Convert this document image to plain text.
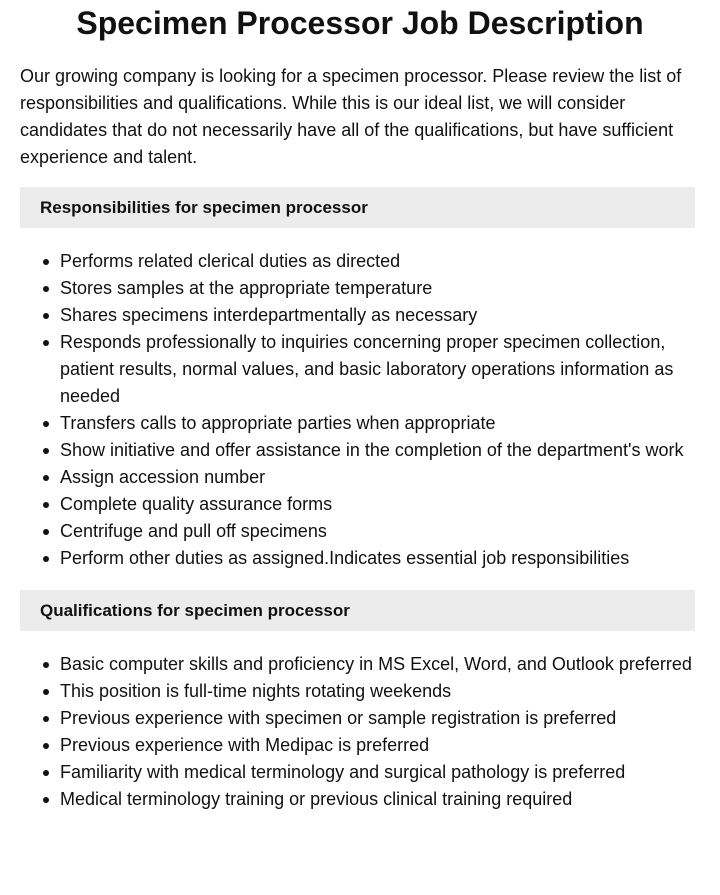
Specimen Processor Job Description

Our growing company is looking for a specimen processor. Please review the list of responsibilities and qualifications. While this is our ideal list, we will consider candidates that do not necessarily have all of the qualifications, but have sufficient experience and talent.

Responsibilities for specimen processor
Performs related clerical duties as directed
Stores samples at the appropriate temperature
Shares specimens interdepartmentally as necessary
Responds professionally to inquiries concerning proper specimen collection, patient results, normal values, and basic laboratory operations information as needed
Transfers calls to appropriate parties when appropriate
Show initiative and offer assistance in the completion of the department's work
Assign accession number
Complete quality assurance forms
Centrifuge and pull off specimens
Perform other duties as assigned.Indicates essential job responsibilities
Qualifications for specimen processor
Basic computer skills and proficiency in MS Excel, Word, and Outlook preferred
This position is full-time nights rotating weekends
Previous experience with specimen or sample registration is preferred
Previous experience with Medipac is preferred
Familiarity with medical terminology and surgical pathology is preferred
Medical terminology training or previous clinical training required
